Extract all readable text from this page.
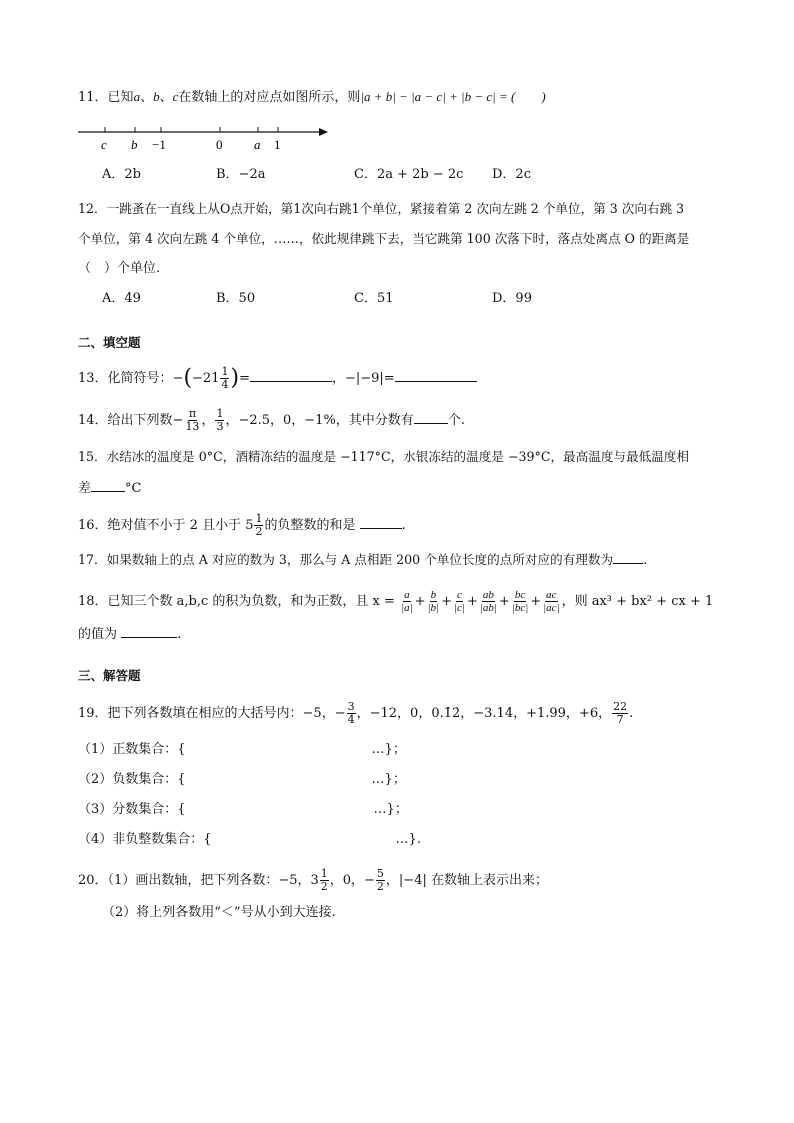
11．已知a、b、c在数轴上的对应点如图所示，则|a + b| − |a − c| + |b − c| = (　　)
c b −1	0 a 1
A．2b	B．−2a	C．2a + 2b − 2c D．2c
12．一跳蚤在一直线上从O点开始，第1次向右跳1个单位，紧接着第 2 次向左跳 2 个单位，第 3 次向右跳 3
个单位，第 4 次向左跳 4 个单位，……，依此规律跳下去，当它跳第 100 次落下时，落点处离点 O 的距离是
（　）个单位.
A．49	B．50	C．51	D．99
二、填空题
13．化简符号：$-(-21 \frac{1}{4}$ )=	，−|−9|=
14．给出下列数− $\frac{\pi}{13}$ ， $\frac{1}{3}$ ，−2.5，0，−1%，其中分数有	个.
15．水结冰的温度是 0°C，酒精冻结的温度是 −117°C，水银冻结的温度是 −39°C，最高温度与最低温度相
差	°C
16．绝对值不小于 2 且小于 $5 \frac{1}{2}$ 的负整数的和是	.
17．如果数轴上的点 A 对应的数为 3，那么与 A 点相距 200 个单位长度的点所对应的有理数为 .
18．已知三个数 a,b,c 的积为负数，和为正数，且 $x = \frac{a}{|a|} + \frac{b}{|b|} + \frac{c}{|c|} + \frac{ab}{|ab|} + \frac{bc}{|bc|} + \frac{ac}{|ac|}$ ，则 ax³ + bx² + cx + 1
的值为	.
三、解答题
19．把下列各数填在相应的大括号内：−5，− $\frac{3}{4}$ ，−12，0，0.1̇2̇，−3.14，+1.99，+6， $\frac{22}{7}$ .
（1）正数集合：{	…}；
（2）负数集合：{	…}；
（3）分数集合：{	…}；
（4）非负整数集合：{	…}.
20．（1）画出数轴，把下列各数：−5，$3 \frac{1}{2}$ ，0，− $\frac{5}{2}$ ，|−4| 在数轴上表示出来；
（2）将上列各数用“＜”号从小到大连接.
